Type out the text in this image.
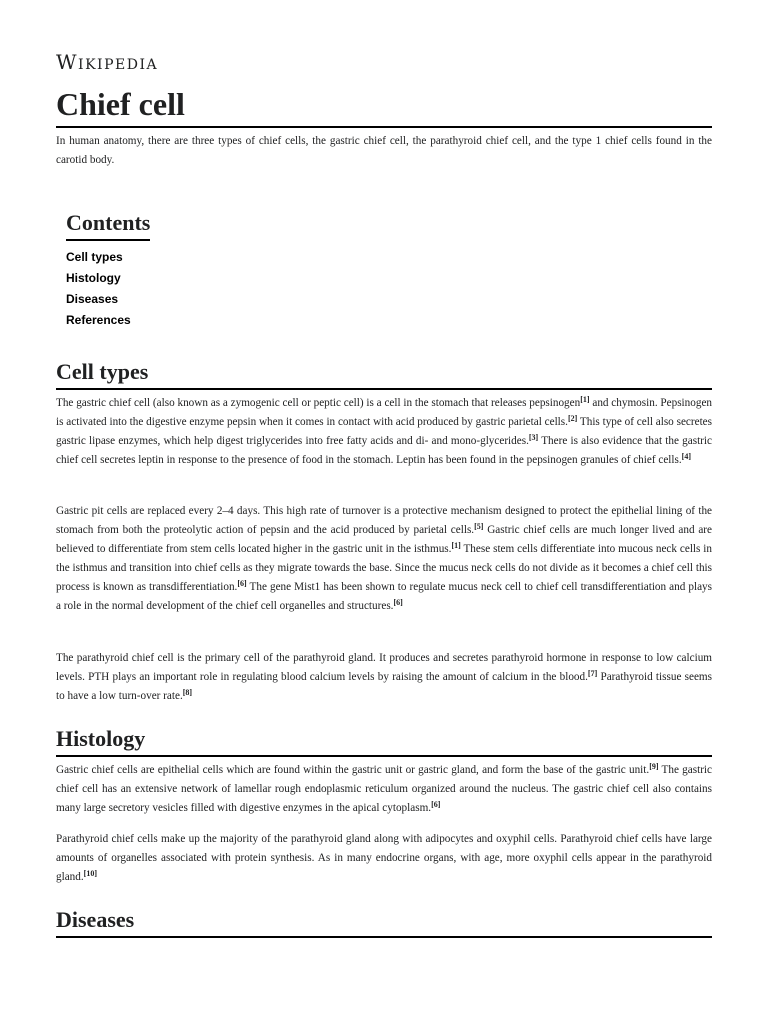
Wikipedia
Chief cell

In human anatomy, there are three types of chief cells, the gastric chief cell, the parathyroid chief cell, and the type 1 chief cells found in the carotid body.

Contents
Cell types
Histology
Diseases
References
Cell types

The gastric chief cell (also known as a zymogenic cell or peptic cell) is a cell in the stomach that releases pepsinogen[1] and chymosin. Pepsinogen is activated into the digestive enzyme pepsin when it comes in contact with acid produced by gastric parietal cells.[2] This type of cell also secretes gastric lipase enzymes, which help digest triglycerides into free fatty acids and di- and mono-glycerides.[3] There is also evidence that the gastric chief cell secretes leptin in response to the presence of food in the stomach. Leptin has been found in the pepsinogen granules of chief cells.[4]

Gastric pit cells are replaced every 2–4 days. This high rate of turnover is a protective mechanism designed to protect the epithelial lining of the stomach from both the proteolytic action of pepsin and the acid produced by parietal cells.[5] Gastric chief cells are much longer lived and are believed to differentiate from stem cells located higher in the gastric unit in the isthmus.[1] These stem cells differentiate into mucous neck cells in the isthmus and transition into chief cells as they migrate towards the base. Since the mucus neck cells do not divide as it becomes a chief cell this process is known as transdifferentiation.[6] The gene Mist1 has been shown to regulate mucus neck cell to chief cell transdifferentiation and plays a role in the normal development of the chief cell organelles and structures.[6]

The parathyroid chief cell is the primary cell of the parathyroid gland. It produces and secretes parathyroid hormone in response to low calcium levels. PTH plays an important role in regulating blood calcium levels by raising the amount of calcium in the blood.[7] Parathyroid tissue seems to have a low turn-over rate.[8]

Histology

Gastric chief cells are epithelial cells which are found within the gastric unit or gastric gland, and form the base of the gastric unit.[9] The gastric chief cell has an extensive network of lamellar rough endoplasmic reticulum organized around the nucleus. The gastric chief cell also contains many large secretory vesicles filled with digestive enzymes in the apical cytoplasm.[6]

Parathyroid chief cells make up the majority of the parathyroid gland along with adipocytes and oxyphil cells. Parathyroid chief cells have large amounts of organelles associated with protein synthesis. As in many endocrine organs, with age, more oxyphil cells appear in the parathyroid gland.[10]

Diseases
